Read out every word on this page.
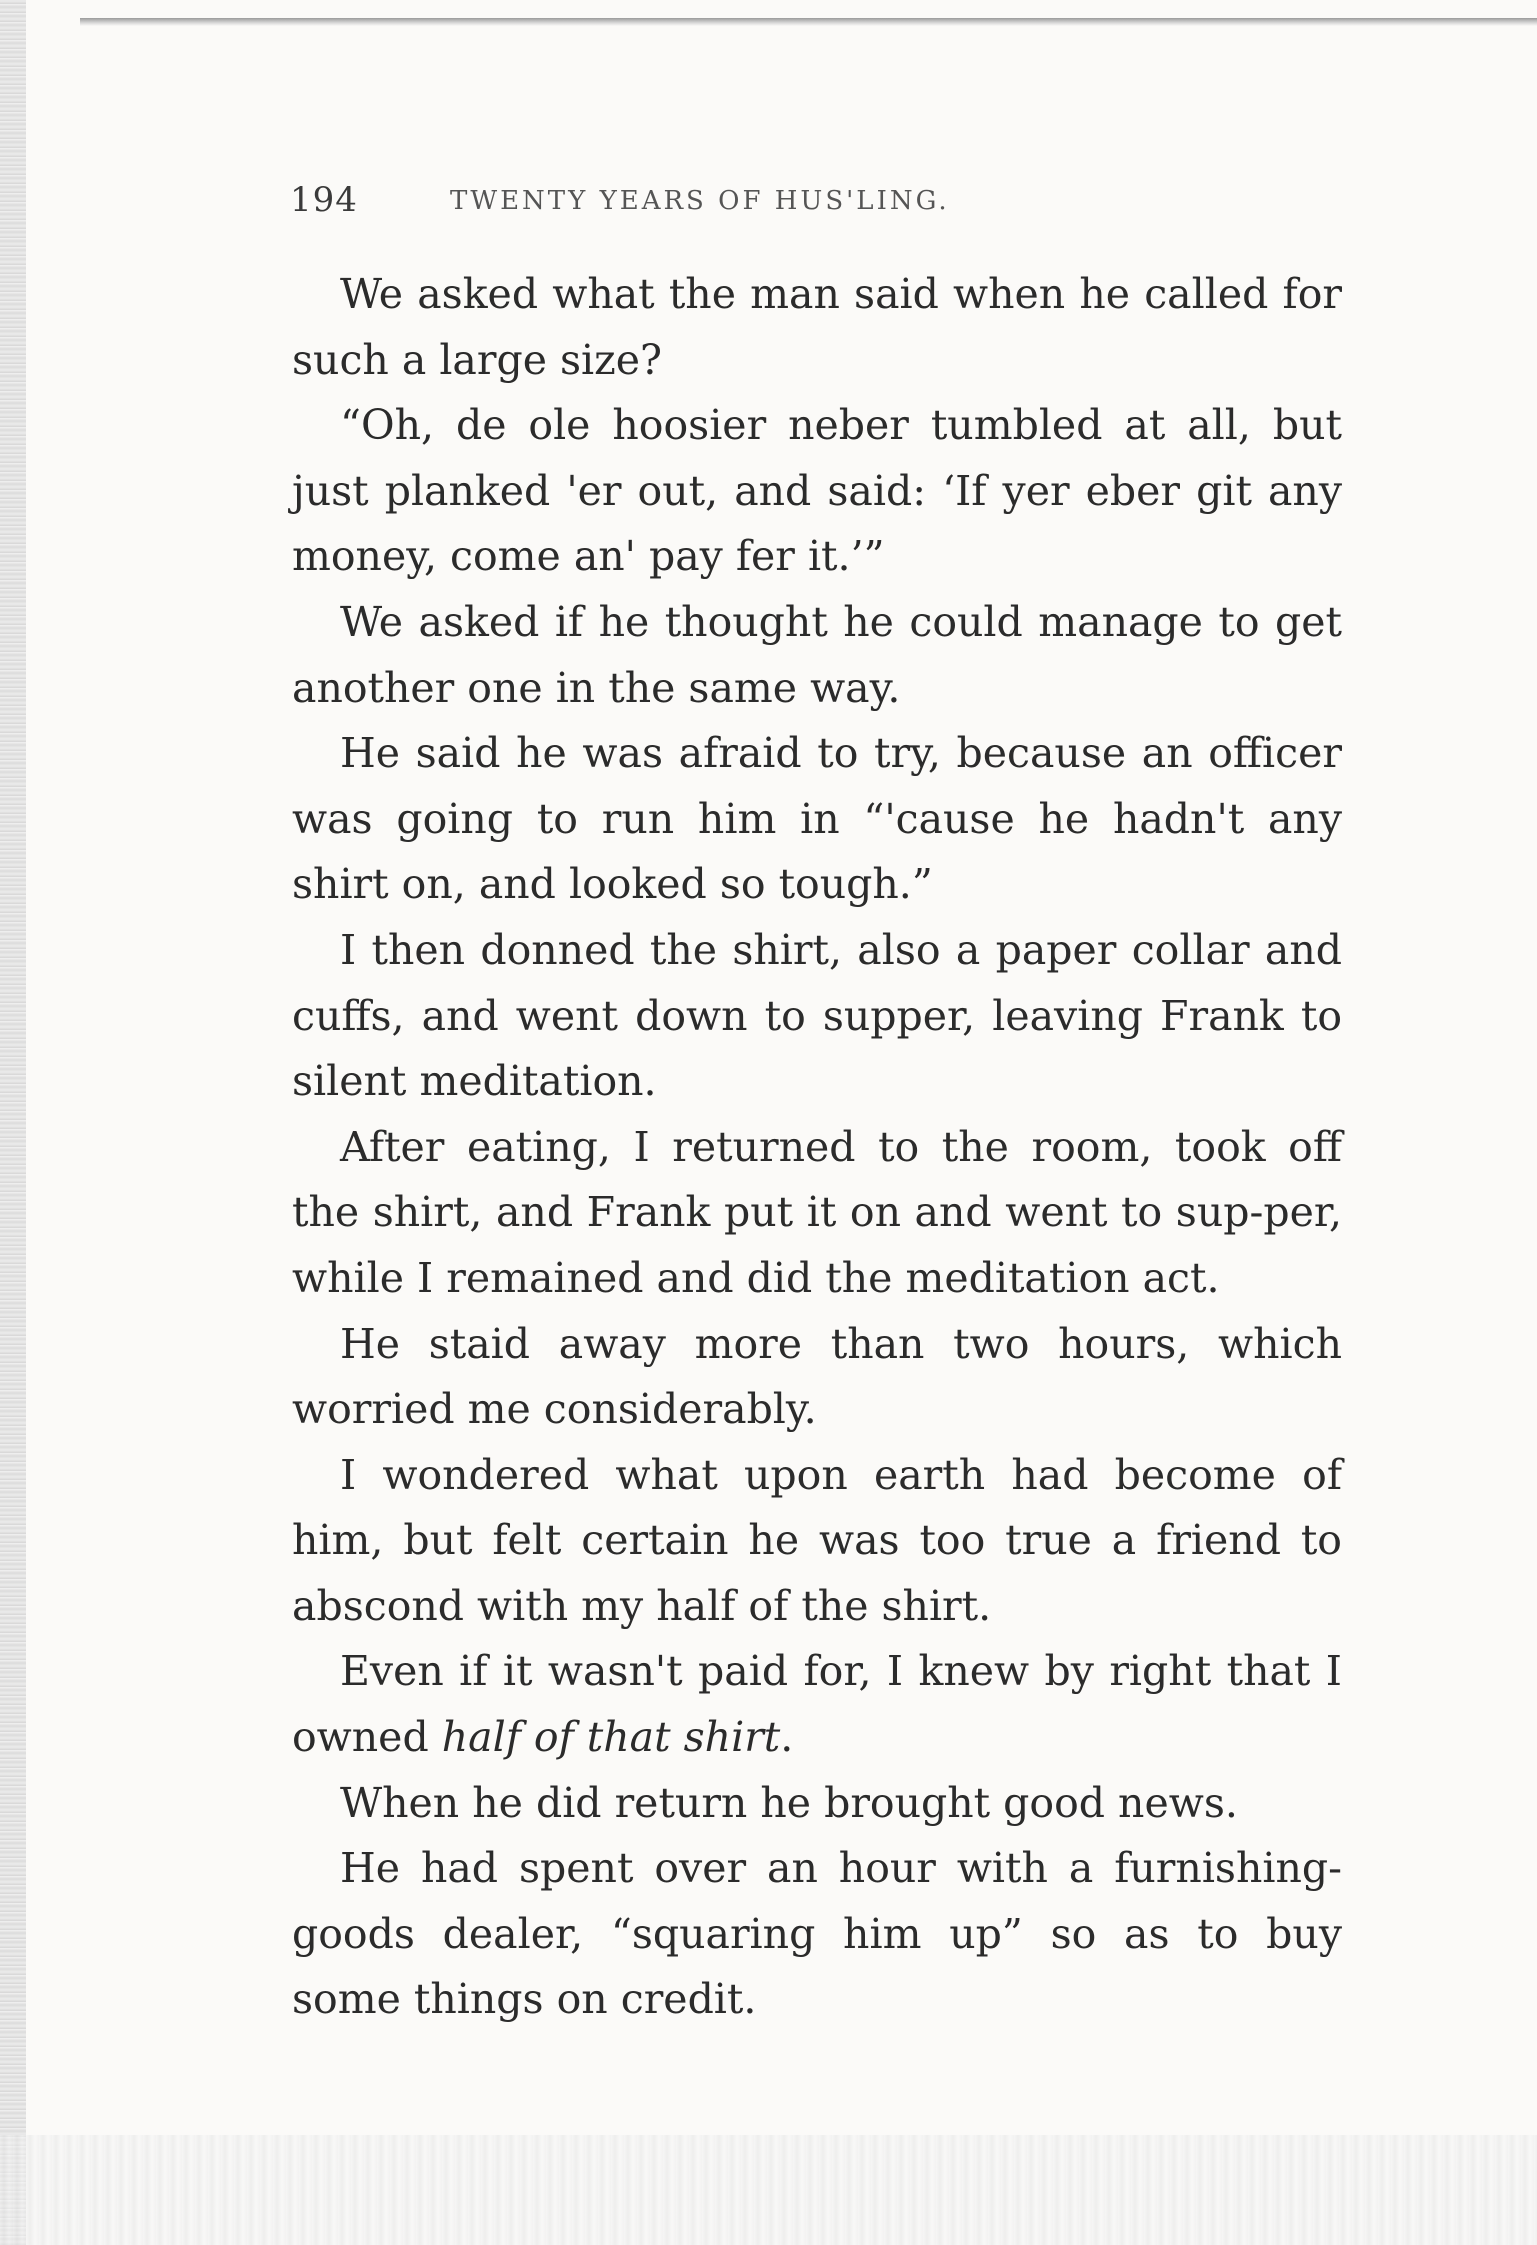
194	TWENTY YEARS OF HUS'LING.

We asked what the man said when he called for such a large size?

“Oh, de ole hoosier neber tumbled at all, but just planked 'er out, and said: ‘If yer eber git any money, come an' pay fer it.’”

We asked if he thought he could manage to get another one in the same way.

He said he was afraid to try, because an officer was going to run him in “'cause he hadn't any shirt on, and looked so tough.”

I then donned the shirt, also a paper collar and cuffs, and went down to supper, leaving Frank to silent meditation.

After eating, I returned to the room, took off the shirt, and Frank put it on and went to sup-per, while I remained and did the meditation act.

He staid away more than two hours, which worried me considerably.

I wondered what upon earth had become of him, but felt certain he was too true a friend to abscond with my half of the shirt.

Even if it wasn't paid for, I knew by right that I owned half of that shirt.

When he did return he brought good news.

He had spent over an hour with a furnishing-goods dealer, “squaring him up” so as to buy some things on credit.
